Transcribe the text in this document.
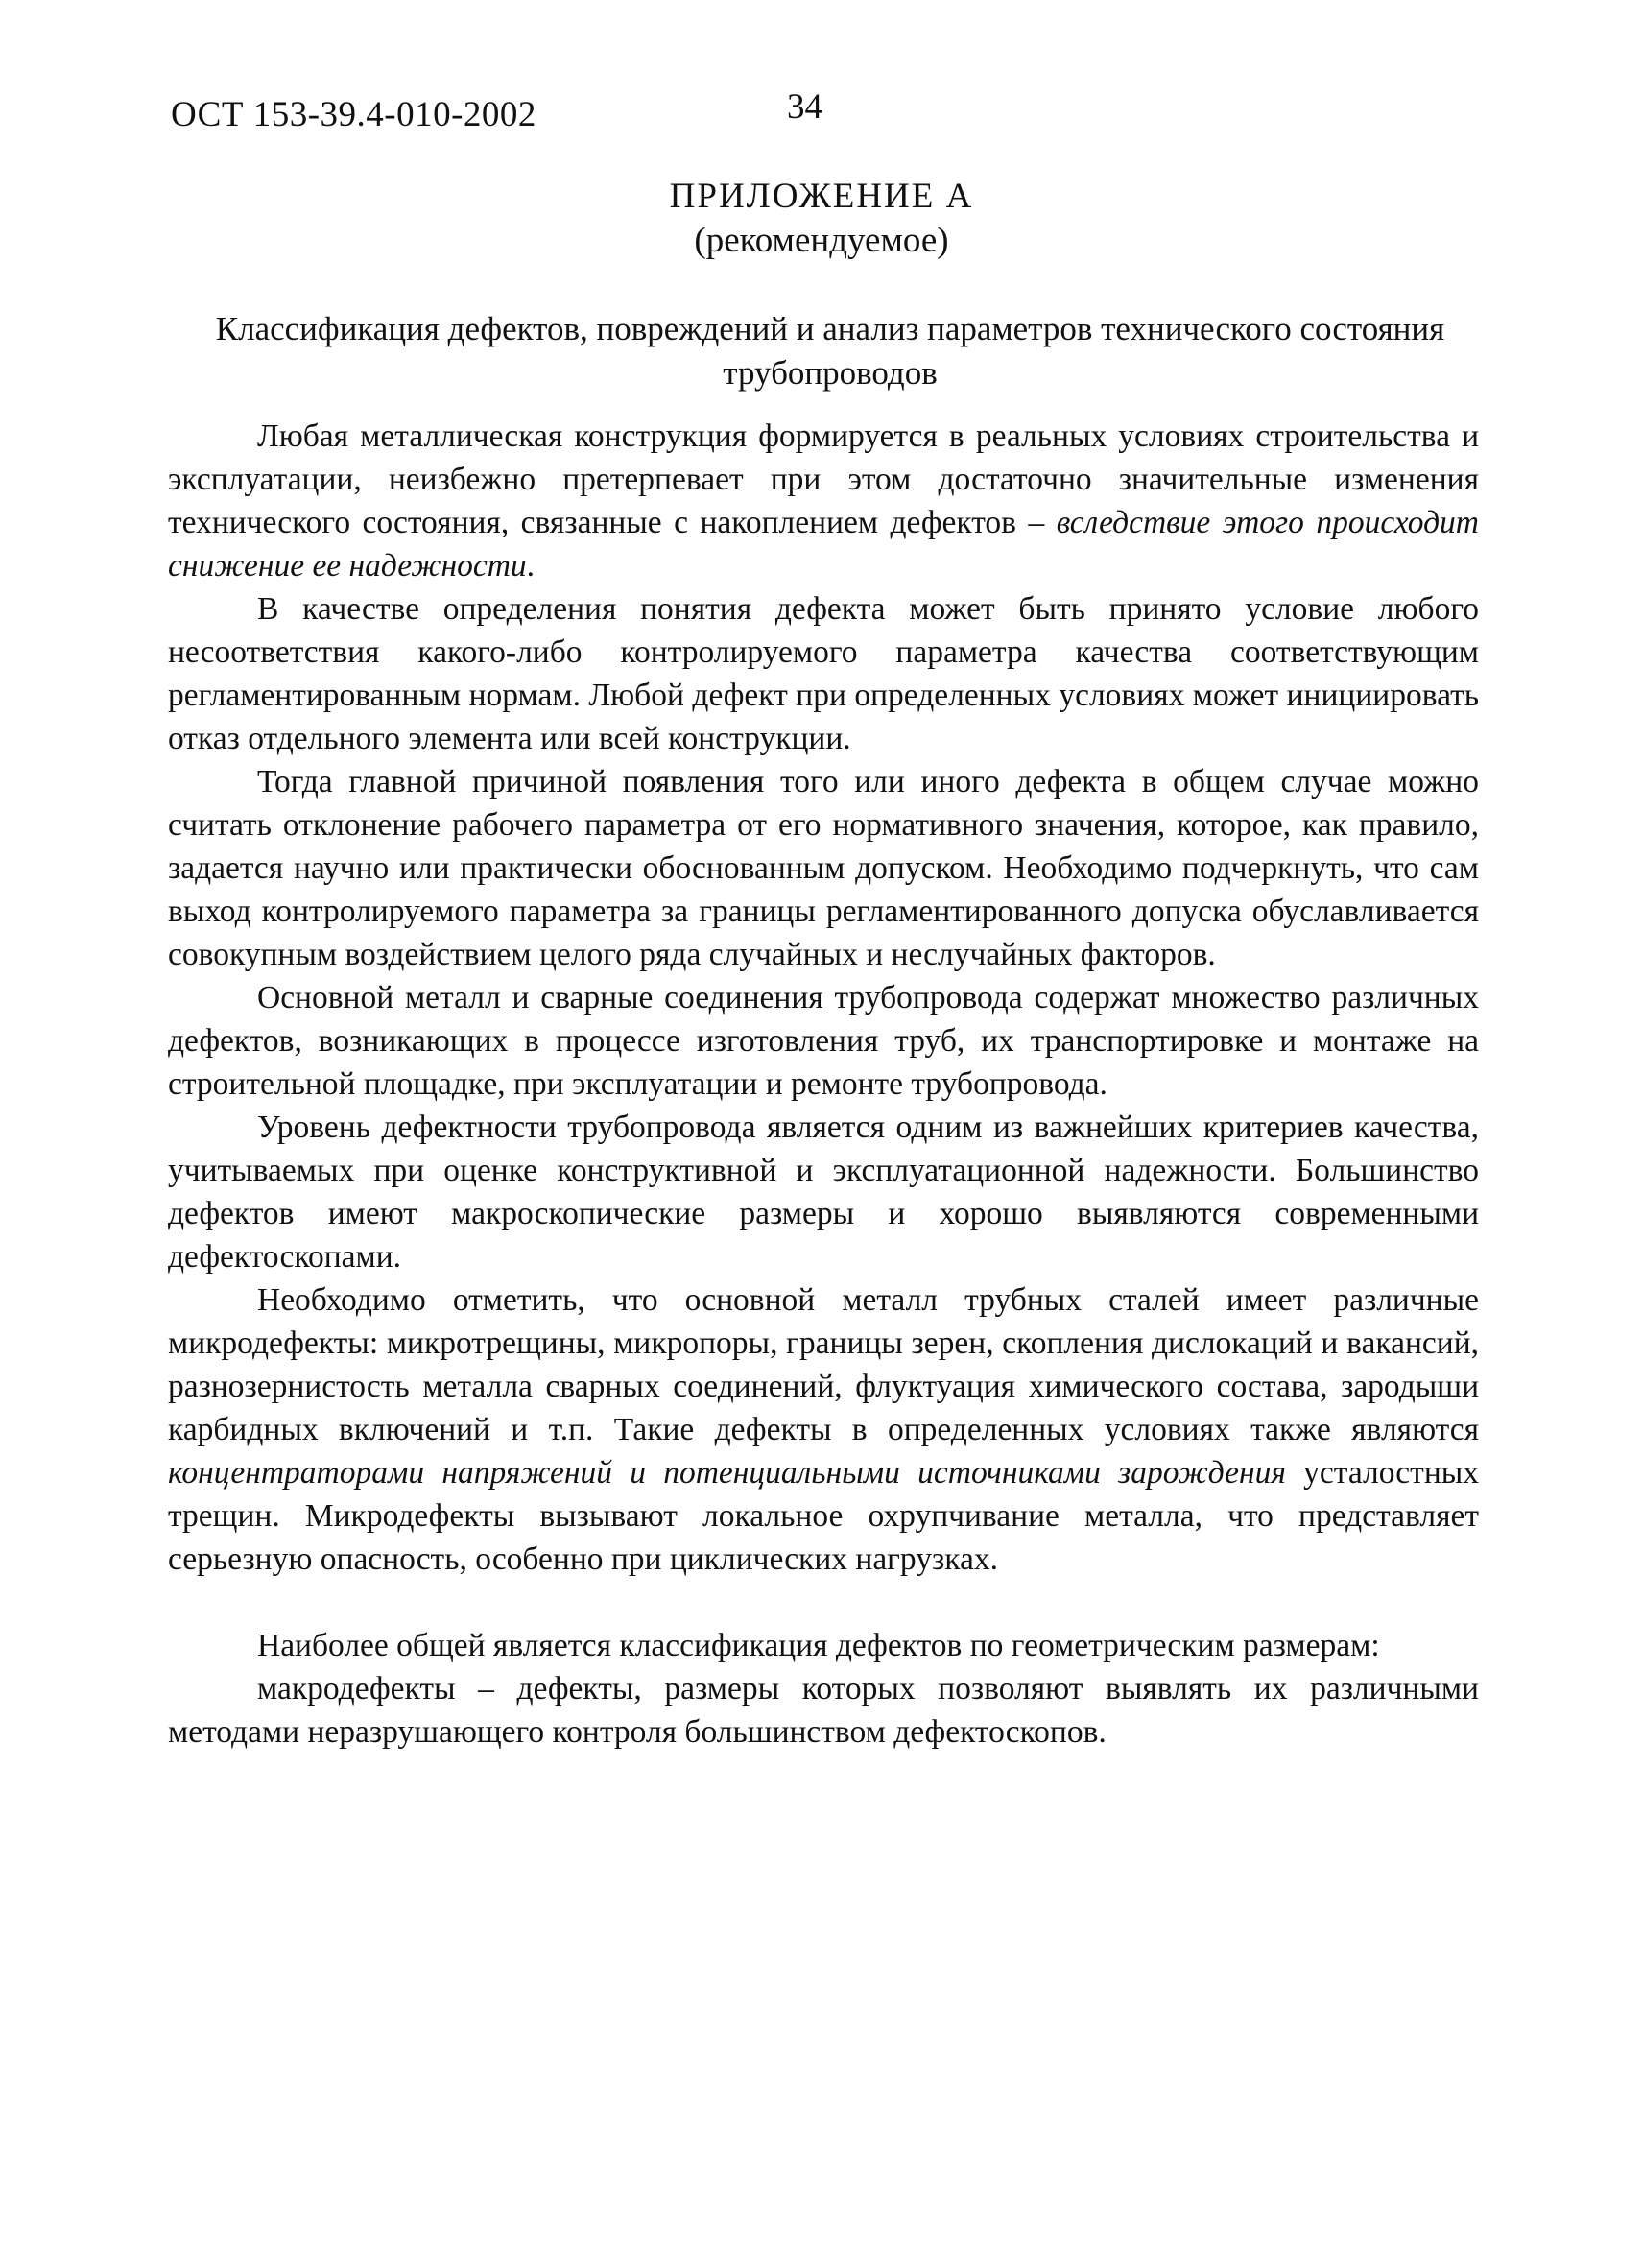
ОСТ 153-39.4-010-2002	34
ПРИЛОЖЕНИЕ А
(рекомендуемое)
Классификация дефектов, повреждений и анализ параметров технического состояния трубопроводов

Любая металлическая конструкция формируется в реальных условиях строительства и эксплуатации, неизбежно претерпевает при этом достаточно значительные изменения технического состояния, связанные с накоплением дефектов – вследствие этого происходит снижение ее надежности.

В качестве определения понятия дефекта может быть принято условие любого несоответствия какого-либо контролируемого параметра качества соответствующим регламентированным нормам. Любой дефект при определенных условиях может инициировать отказ отдельного элемента или всей конструкции.

Тогда главной причиной появления того или иного дефекта в общем случае можно считать отклонение рабочего параметра от его нормативного значения, которое, как правило, задается научно или практически обоснованным допуском. Необходимо подчеркнуть, что сам выход контролируемого параметра за границы регламентированного допуска обуславливается совокупным воздействием целого ряда случайных и неслучайных факторов.

Основной металл и сварные соединения трубопровода содержат множество различных дефектов, возникающих в процессе изготовления труб, их транспортировке и монтаже на строительной площадке, при эксплуатации и ремонте трубопровода.

Уровень дефектности трубопровода является одним из важнейших критериев качества, учитываемых при оценке конструктивной и эксплуатационной надежности. Большинство дефектов имеют макроскопические размеры и хорошо выявляются современными дефектоскопами.

Необходимо отметить, что основной металл трубных сталей имеет различные микродефекты: микротрещины, микропоры, границы зерен, скопления дислокаций и вакансий, разнозернистость металла сварных соединений, флуктуация химического состава, зародыши карбидных включений и т.п. Такие дефекты в определенных условиях также являются концентраторами напряжений и потенциальными источниками зарождения усталостных трещин. Микродефекты вызывают локальное охрупчивание металла, что представляет серьезную опасность, особенно при циклических нагрузках.

Наиболее общей является классификация дефектов по геометрическим размерам:

макродефекты – дефекты, размеры которых позволяют выявлять их различными методами неразрушающего контроля большинством дефектоскопов.
